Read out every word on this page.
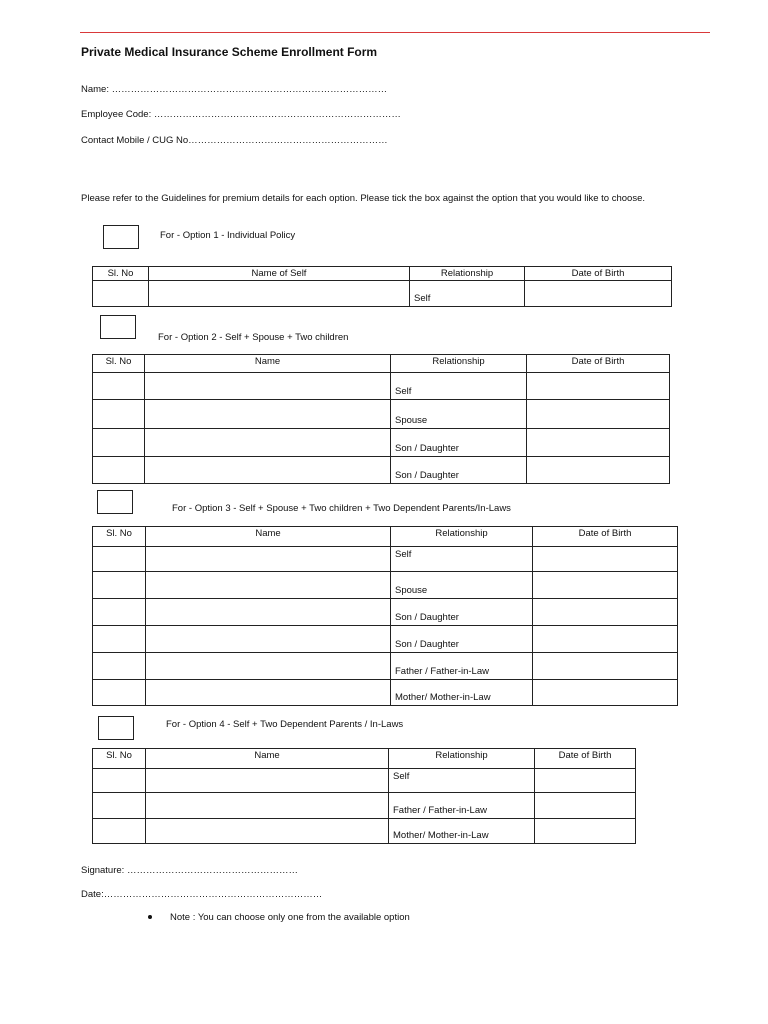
Private Medical Insurance Scheme Enrollment Form
Name: ……………………………………………………………………………
Employee Code: ……………………………………………………………………
Contact Mobile / CUG No………………………………………………………
Please refer to the Guidelines for premium details for each option. Please tick the box against the option that you would like to choose.
For - Option 1 - Individual Policy
Sl. No	Name of Self	Relationship	Date of Birth
		Self	
For - Option 2 - Self + Spouse + Two children
Sl. No	Name	Relationship	Date of Birth
		Self	
		Spouse	
		Son / Daughter	
		Son / Daughter	
For - Option 3 - Self + Spouse + Two children + Two Dependent Parents/In-Laws
Sl. No	Name	Relationship	Date of Birth
		Self	
		Spouse	
		Son / Daughter	
		Son / Daughter	
		Father / Father-in-Law	
		Mother/ Mother-in-Law	
For - Option 4 - Self + Two Dependent Parents / In-Laws
Sl. No	Name	Relationship	Date of Birth
		Self	
		Father / Father-in-Law	
		Mother/ Mother-in-Law	
Signature: ………………………………………………
Date:……………………………………………………………
Note : You can choose only one from the available option
